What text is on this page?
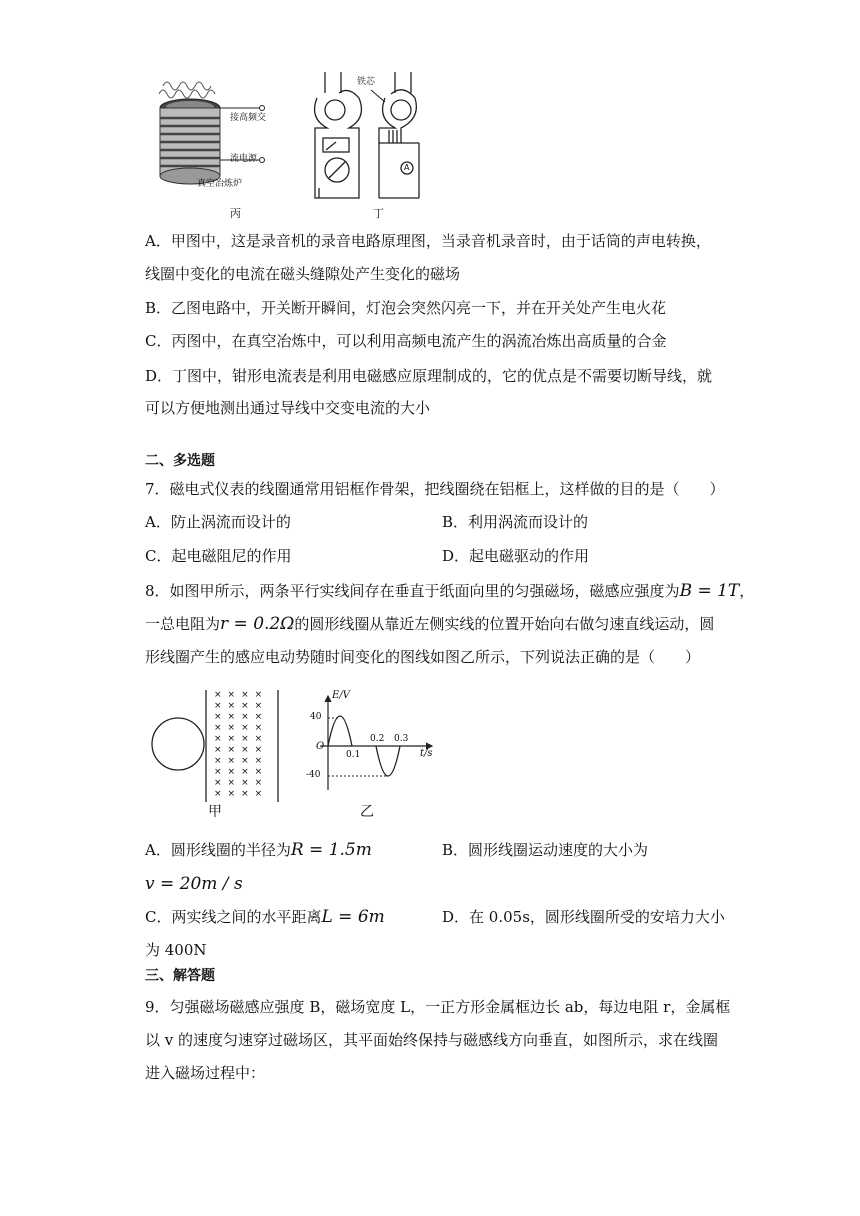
接高频交
流电源
真空冶炼炉
丙
铁芯
A
丁
A．甲图中，这是录音机的录音电路原理图，当录音机录音时，由于话筒的声电转换，
线圈中变化的电流在磁头缝隙处产生变化的磁场
B．乙图电路中，开关断开瞬间，灯泡会突然闪亮一下，并在开关处产生电火花
C．丙图中，在真空冶炼中，可以利用高频电流产生的涡流冶炼出高质量的合金
D．丁图中，钳形电流表是利用电磁感应原理制成的，它的优点是不需要切断导线，就
可以方便地测出通过导线中交变电流的大小
二、多选题
7．磁电式仪表的线圈通常用铝框作骨架，把线圈绕在铝框上，这样做的目的是（　　）
A．防止涡流而设计的	B．利用涡流而设计的
C．起电磁阻尼的作用	D．起电磁驱动的作用
8．如图甲所示，两条平行实线间存在垂直于纸面向里的匀强磁场，磁感应强度为B = 1T，
一总电阻为r = 0.2Ω的圆形线圈从靠近左侧实线的位置开始向右做匀速直线运动，圆
形线圈产生的感应电动势随时间变化的图线如图乙所示，下列说法正确的是（　　）
××××
××××
××××
××××
××××
××××
××××
××××
××××
××××
甲
E/V
t/s
O
40
-40
0.1
0.2 0.3
乙
A．圆形线圈的半径为R = 1.5m	B．圆形线圈运动速度的大小为
v = 20m / s
C．两实线之间的水平距离L = 6m	D．在 0.05s，圆形线圈所受的安培力大小
为 400N
三、解答题
9．匀强磁场磁感应强度 B，磁场宽度 L，一正方形金属框边长 ab，每边电阻 r，金属框
以 v 的速度匀速穿过磁场区，其平面始终保持与磁感线方向垂直，如图所示，求在线圈
进入磁场过程中：
